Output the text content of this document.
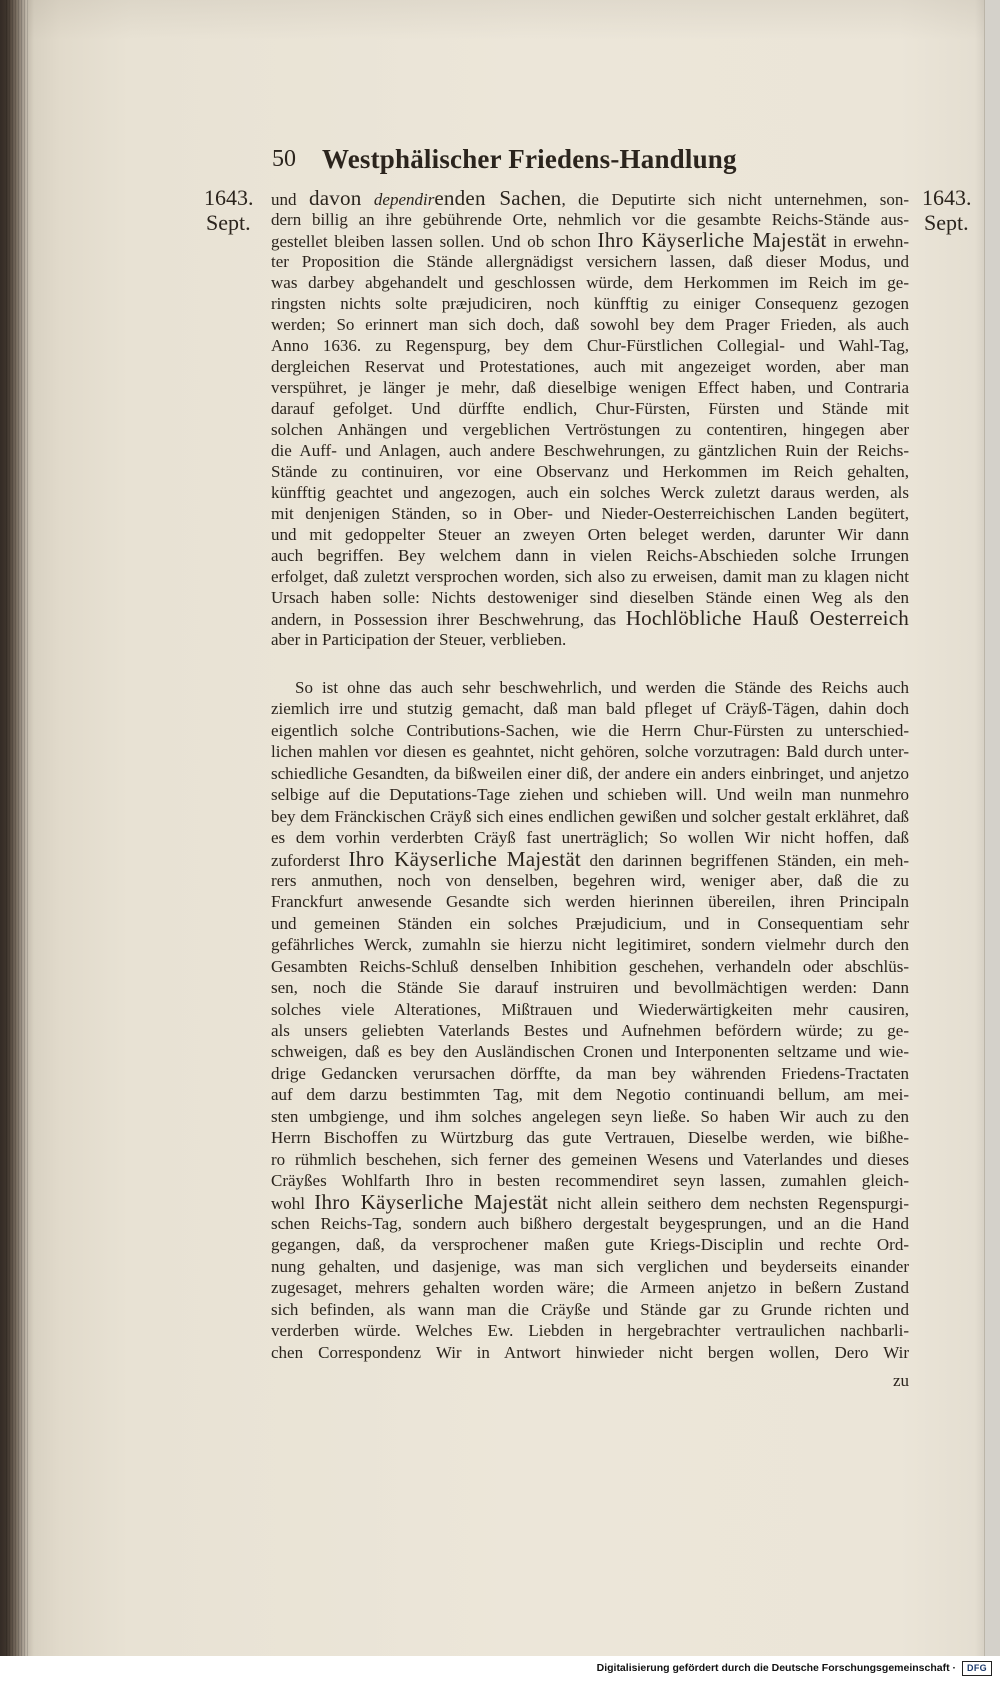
50 Westphälischer Friedens-Handlung
1643.
Sept.
1643.
Sept.
und davon dependirenden Sachen, die Deputirte sich nicht unternehmen, son-
dern billig an ihre gebührende Orte, nehmlich vor die gesambte Reichs-Stände aus-
gestellet bleiben lassen sollen. Und ob schon Ihro Käyserliche Majestät in erwehn-
ter Proposition die Stände allergnädigst versichern lassen, daß dieser Modus, und
was darbey abgehandelt und geschlossen würde, dem Herkommen im Reich im ge-
ringsten nichts solte præjudiciren, noch künfftig zu einiger Consequenz gezogen
werden; So erinnert man sich doch, daß sowohl bey dem Prager Frieden, als auch
Anno 1636. zu Regenspurg, bey dem Chur-Fürstlichen Collegial- und Wahl-Tag,
dergleichen Reservat und Protestationes, auch mit angezeiget worden, aber man
verspühret, je länger je mehr, daß dieselbige wenigen Effect haben, und Contraria
darauf gefolget. Und dürffte endlich, Chur-Fürsten, Fürsten und Stände mit
solchen Anhängen und vergeblichen Vertröstungen zu contentiren, hingegen aber
die Auff- und Anlagen, auch andere Beschwehrungen, zu gäntzlichen Ruin der Reichs-
Stände zu continuiren, vor eine Observanz und Herkommen im Reich gehalten,
künfftig geachtet und angezogen, auch ein solches Werck zuletzt daraus werden, als
mit denjenigen Ständen, so in Ober- und Nieder-Oesterreichischen Landen begütert,
und mit gedoppelter Steuer an zweyen Orten beleget werden, darunter Wir dann
auch begriffen. Bey welchem dann in vielen Reichs-Abschieden solche Irrungen
erfolget, daß zuletzt versprochen worden, sich also zu erweisen, damit man zu klagen nicht
Ursach haben solle: Nichts destoweniger sind dieselben Stände einen Weg als den
andern, in Possession ihrer Beschwehrung, das Hochlöbliche Hauß Oesterreich
aber in Participation der Steuer, verblieben.
So ist ohne das auch sehr beschwehrlich, und werden die Stände des Reichs auch
ziemlich irre und stutzig gemacht, daß man bald pfleget uf Cräyß-Tägen, dahin doch
eigentlich solche Contributions-Sachen, wie die Herrn Chur-Fürsten zu unterschied-
lichen mahlen vor diesen es geahntet, nicht gehören, solche vorzutragen: Bald durch unter-
schiedliche Gesandten, da bißweilen einer diß, der andere ein anders einbringet, und anjetzo
selbige auf die Deputations-Tage ziehen und schieben will. Und weiln man nunmehro
bey dem Fränckischen Cräyß sich eines endlichen gewißen und solcher gestalt erklähret, daß
es dem vorhin verderbten Cräyß fast unerträglich; So wollen Wir nicht hoffen, daß
zuforderst Ihro Käyserliche Majestät den darinnen begriffenen Ständen, ein meh-
rers anmuthen, noch von denselben, begehren wird, weniger aber, daß die zu
Franckfurt anwesende Gesandte sich werden hierinnen übereilen, ihren Principaln
und gemeinen Ständen ein solches Præjudicium, und in Consequentiam sehr
gefährliches Werck, zumahln sie hierzu nicht legitimiret, sondern vielmehr durch den
Gesambten Reichs-Schluß denselben Inhibition geschehen, verhandeln oder abschlüs-
sen, noch die Stände Sie darauf instruiren und bevollmächtigen werden: Dann
solches viele Alterationes, Mißtrauen und Wiederwärtigkeiten mehr causiren,
als unsers geliebten Vaterlands Bestes und Aufnehmen befördern würde; zu ge-
schweigen, daß es bey den Ausländischen Cronen und Interponenten seltzame und wie-
drige Gedancken verursachen dörffte, da man bey währenden Friedens-Tractaten
auf dem darzu bestimmten Tag, mit dem Negotio continuandi bellum, am mei-
sten umbgienge, und ihm solches angelegen seyn ließe. So haben Wir auch zu den
Herrn Bischoffen zu Würtzburg das gute Vertrauen, Dieselbe werden, wie bißhe-
ro rühmlich beschehen, sich ferner des gemeinen Wesens und Vaterlandes und dieses
Cräyßes Wohlfarth Ihro in besten recommendiret seyn lassen, zumahlen gleich-
wohl Ihro Käyserliche Majestät nicht allein seithero dem nechsten Regenspurgi-
schen Reichs-Tag, sondern auch bißhero dergestalt beygesprungen, und an die Hand
gegangen, daß, da versprochener maßen gute Kriegs-Disciplin und rechte Ord-
nung gehalten, und dasjenige, was man sich verglichen und beyderseits einander
zugesaget, mehrers gehalten worden wäre; die Armeen anjetzo in beßern Zustand
sich befinden, als wann man die Cräyße und Stände gar zu Grunde richten und
verderben würde. Welches Ew. Liebden in hergebrachter vertraulichen nachbarli-
chen Correspondenz Wir in Antwort hinwieder nicht bergen wollen, Dero Wir
zu
Digitalisierung gefördert durch die Deutsche Forschungsgemeinschaft ·	DFG
